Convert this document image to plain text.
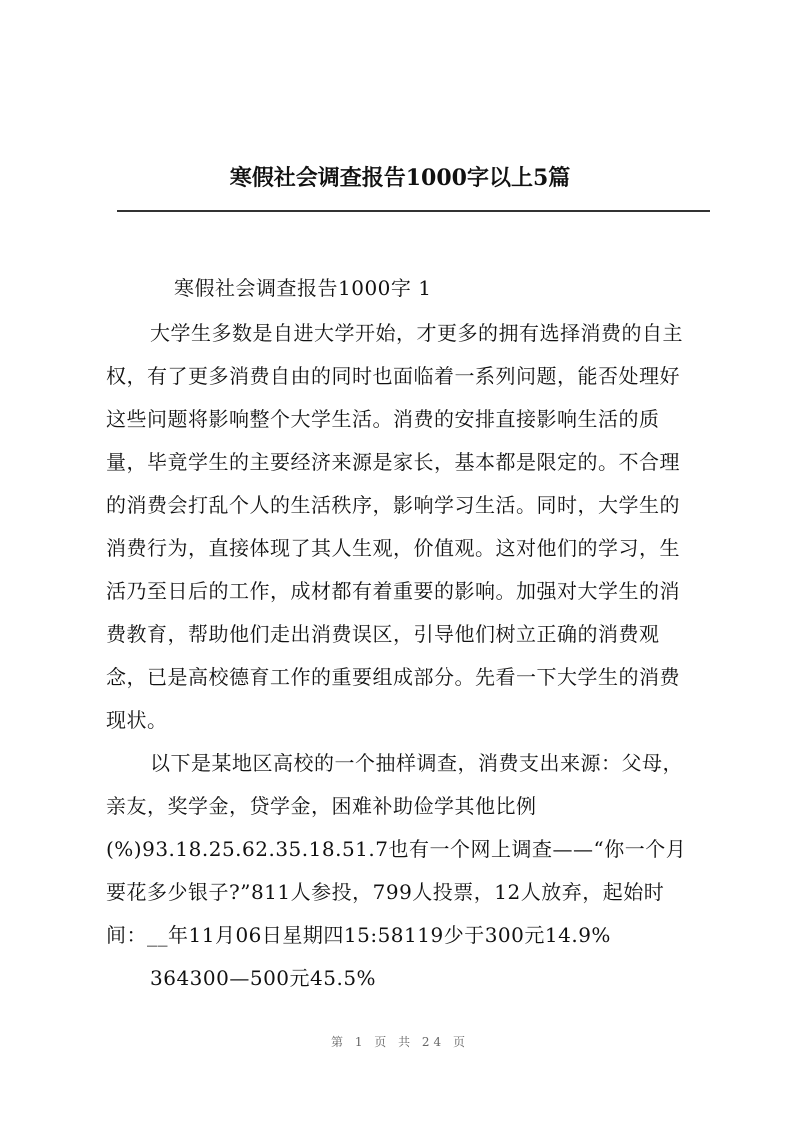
寒假社会调查报告1000字以上5篇
寒假社会调查报告1000字 1
大学生多数是自进大学开始，才更多的拥有选择消费的自主
权，有了更多消费自由的同时也面临着一系列问题，能否处理好
这些问题将影响整个大学生活。消费的安排直接影响生活的质
量，毕竟学生的主要经济来源是家长，基本都是限定的。不合理
的消费会打乱个人的生活秩序，影响学习生活。同时，大学生的
消费行为，直接体现了其人生观，价值观。这对他们的学习，生
活乃至日后的工作，成材都有着重要的影响。加强对大学生的消
费教育，帮助他们走出消费误区，引导他们树立正确的消费观
念，已是高校德育工作的重要组成部分。先看一下大学生的消费
现状。
以下是某地区高校的一个抽样调查，消费支出来源：父母，
亲友，奖学金，贷学金，困难补助俭学其他比例
(%)93.18.25.62.35.18.51.7也有一个网上调查——“你一个月
要花多少银子?”811人参投，799人投票，12人放弃，起始时
间：__年11月06日星期四15:58119少于300元14.9%
364300—500元45.5%
第 1 页 共 24 页
